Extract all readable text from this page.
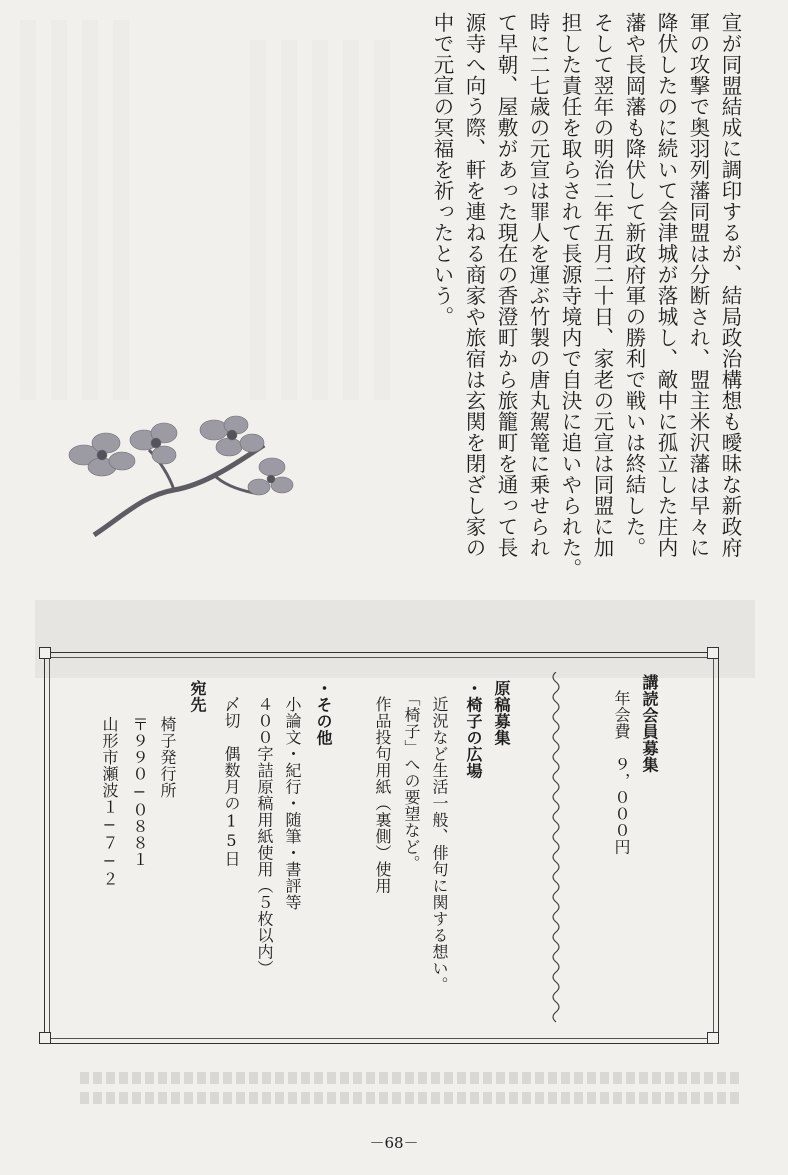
宣が同盟結成に調印するが、結局政治構想も曖昧な新政府

軍の攻撃で奥羽列藩同盟は分断され、盟主米沢藩は早々に

降伏したのに続いて会津城が落城し、敵中に孤立した庄内

藩や長岡藩も降伏して新政府軍の勝利で戦いは終結した。

そして翌年の明治二年五月二十日、家老の元宣は同盟に加

担した責任を取らされて長源寺境内で自決に追いやられた。

時に二七歳の元宣は罪人を運ぶ竹製の唐丸駕篭に乗せられ

て早朝、屋敷があった現在の香澄町から旅籠町を通って長

源寺へ向う際、軒を連ねる商家や旅宿は玄関を閉ざし家の

中で元宣の冥福を祈ったという。

講読会員募集
年会費　９，０００円
原稿募集
・椅子の広場
近況など生活一般、俳句に関する想い。
「椅子」への要望など。
作品投句用紙（裏側）使用
・その他
小論文・紀行・随筆・書評等
４００字詰原稿用紙使用（５枚以内）
〆切　偶数月の15日
宛先
椅子発行所
〒９９０−０８８１
山形市瀬波１−７−２
－68－
